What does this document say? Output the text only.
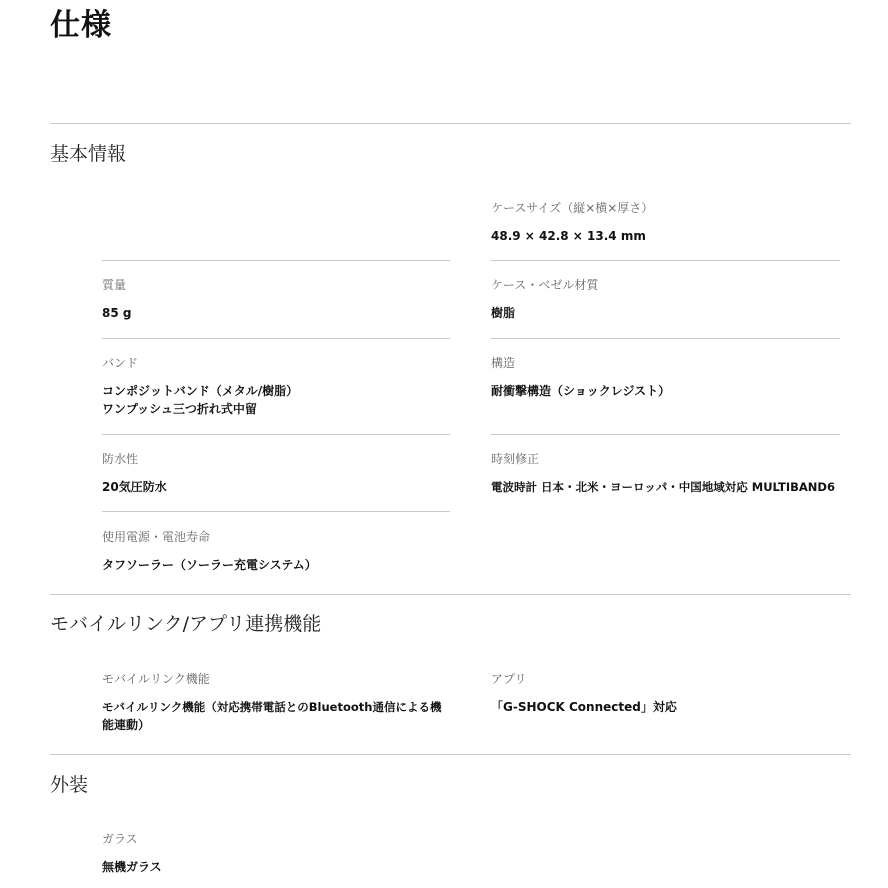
仕様
基本情報
ケースサイズ（縦×横×厚さ）
48.9 × 42.8 × 13.4 mm
質量
85 g
ケース・ベゼル材質
樹脂
バンド
コンポジットバンド（メタル/樹脂）
ワンプッシュ三つ折れ式中留
構造
耐衝撃構造（ショックレジスト）
防水性
20気圧防水
時刻修正
電波時計 日本・北米・ヨーロッパ・中国地域対応 MULTIBAND6
使用電源・電池寿命
タフソーラー（ソーラー充電システム）
モバイルリンク/アプリ連携機能
モバイルリンク機能
モバイルリンク機能（対応携帯電話とのBluetooth通信による機
能連動）
アプリ
「G-SHOCK Connected」対応
外装
ガラス
無機ガラス
